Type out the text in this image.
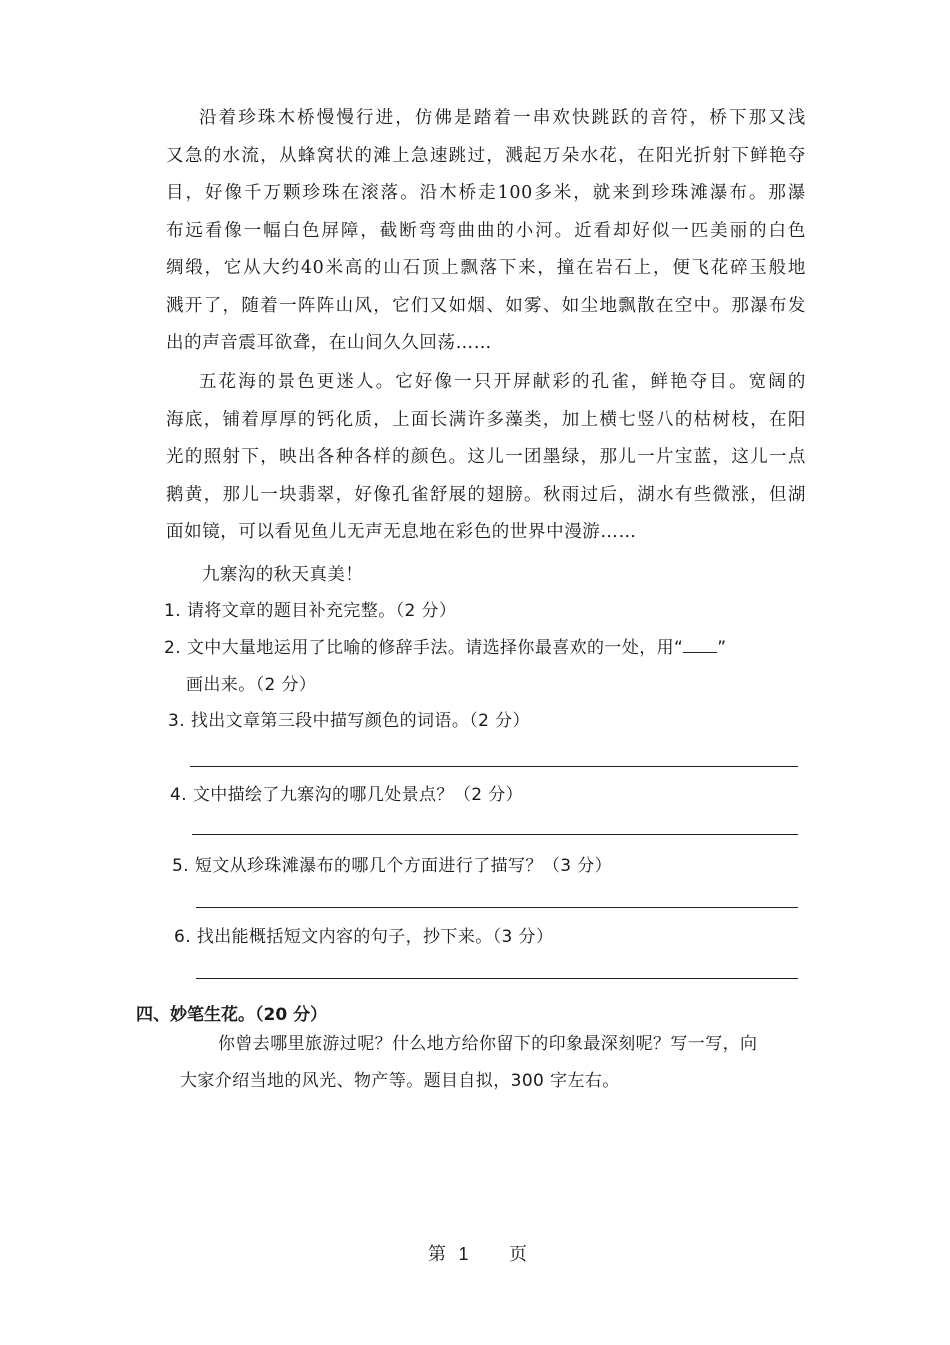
沿着珍珠木桥慢慢行进，仿佛是踏着一串欢快跳跃的音符，桥下那又浅
又急的水流，从蜂窝状的滩上急速跳过，溅起万朵水花，在阳光折射下鲜艳夺
目，好像千万颗珍珠在滚落。沿木桥走100多米，就来到珍珠滩瀑布。那瀑
布远看像一幅白色屏障，截断弯弯曲曲的小河。近看却好似一匹美丽的白色
绸缎，它从大约40米高的山石顶上飘落下来，撞在岩石上，便飞花碎玉般地
溅开了，随着一阵阵山风，它们又如烟、如雾、如尘地飘散在空中。那瀑布发
出的声音震耳欲聋，在山间久久回荡……
五花海的景色更迷人。它好像一只开屏献彩的孔雀，鲜艳夺目。宽阔的
海底，铺着厚厚的钙化质，上面长满许多藻类，加上横七竖八的枯树枝，在阳
光的照射下，映出各种各样的颜色。这儿一团墨绿，那儿一片宝蓝，这儿一点
鹅黄，那儿一块翡翠，好像孔雀舒展的翅膀。秋雨过后，湖水有些微涨，但湖
面如镜，可以看见鱼儿无声无息地在彩色的世界中漫游……

九寨沟的秋天真美！

1. 请将文章的题目补充完整。（2 分）

2. 文中大量地运用了比喻的修辞手法。请选择你最喜欢的一处，用“ ”

画出来。（2 分）

3. 找出文章第三段中描写颜色的词语。（2 分）

4. 文中描绘了九寨沟的哪几处景点？（2 分）

5. 短文从珍珠滩瀑布的哪几个方面进行了描写？（3 分）

6. 找出能概括短文内容的句子，抄下来。（3 分）

四、妙笔生花。（20 分）

你曾去哪里旅游过呢？什么地方给你留下的印象最深刻呢？写一写，向
大家介绍当地的风光、物产等。题目自拟，300 字左右。
第 1 页
